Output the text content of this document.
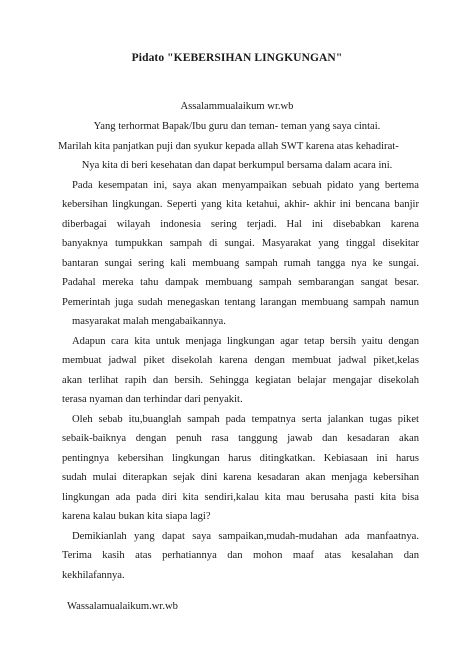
Pidato "KEBERSIHAN LINGKUNGAN"
Assalammualaikum wr.wb
Yang terhormat Bapak/Ibu guru dan teman- teman yang saya cintai.
Marilah kita panjatkan puji dan syukur kepada allah SWT karena atas kehadirat-
Nya kita di beri kesehatan dan dapat berkumpul bersama dalam acara ini.
Pada kesempatan ini, saya akan menyampaikan sebuah pidato yang bertema
kebersihan lingkungan. Seperti yang kita ketahui, akhir- akhir ini bencana banjir
diberbagai wilayah indonesia sering terjadi. Hal ini disebabkan karena
banyaknya tumpukkan sampah di sungai. Masyarakat yang tinggal disekitar
bantaran sungai sering kali membuang sampah rumah tangga nya ke sungai.
Padahal mereka tahu dampak membuang sampah sembarangan sangat besar.
Pemerintah juga sudah menegaskan tentang larangan membuang sampah namun
masyarakat malah mengabaikannya.
Adapun cara kita untuk menjaga lingkungan agar tetap bersih yaitu dengan
membuat jadwal piket disekolah karena dengan membuat jadwal piket,kelas
akan terlihat rapih dan bersih. Sehingga kegiatan belajar mengajar disekolah
terasa nyaman dan terhindar dari penyakit.
Oleh sebab itu,buanglah sampah pada tempatnya serta jalankan tugas piket
sebaik-baiknya dengan penuh rasa tanggung jawab dan kesadaran akan
pentingnya kebersihan lingkungan harus ditingkatkan. Kebiasaan ini harus
sudah mulai diterapkan sejak dini karena kesadaran akan menjaga kebersihan
lingkungan ada pada diri kita sendiri,kalau kita mau berusaha pasti kita bisa
karena kalau bukan kita siapa lagi?
Demikianlah yang dapat saya sampaikan,mudah-mudahan ada manfaatnya.
Terima kasih atas perhatiannya dan mohon maaf atas kesalahan dan
kekhilafannya.
Wassalamualaikum.wr.wb
